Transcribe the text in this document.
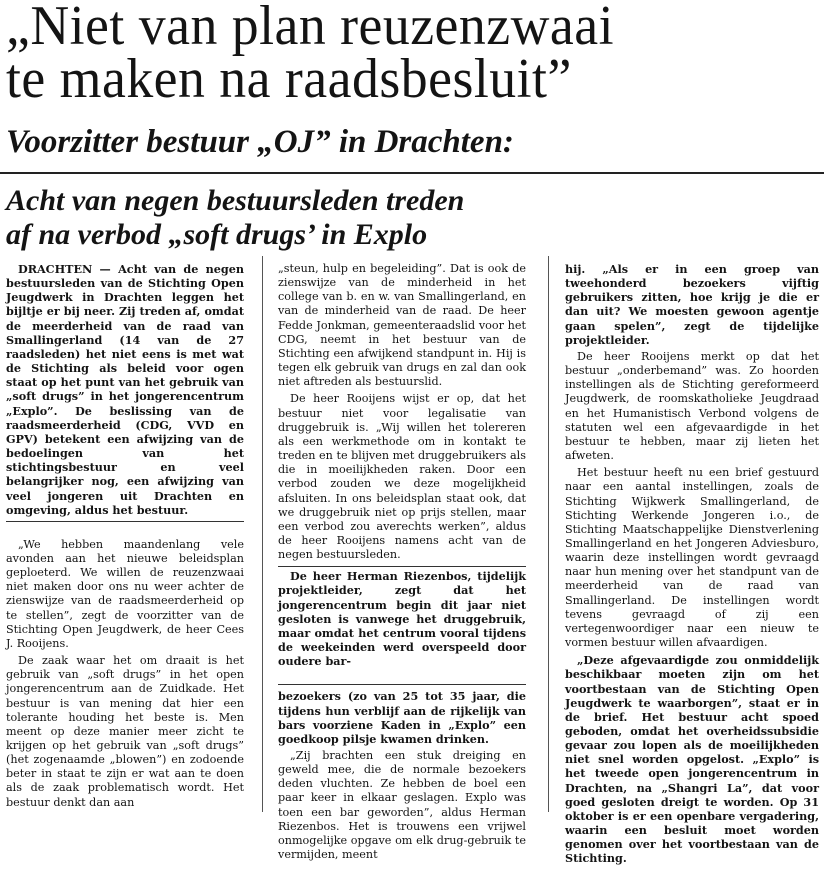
„Niet van plan reuzenzwaai
te maken na raadsbesluit”
Voorzitter bestuur „OJ” in Drachten:
Acht van negen bestuursleden treden
af na verbod „soft drugs’ in Explo

DRACHTEN — Acht van de negen bestuursleden van de Stichting Open Jeugdwerk in Drachten leggen het bijltje er bij neer. Zij treden af, omdat de meerderheid van de raad van Smallingerland (14 van de 27 raadsleden) het niet eens is met wat de Stichting als beleid voor ogen staat op het punt van het gebruik van „soft drugs” in het jongerencentrum „Explo”. De beslissing van de raadsmeerderheid (CDG, VVD en GPV) betekent een afwijzing van de bedoelingen van het stichtingsbestuur en veel belangrijker nog, een afwijzing van veel jongeren uit Drachten en omgeving, aldus het bestuur.

„We hebben maandenlang vele avonden aan het nieuwe beleidsplan geploeterd. We willen de reuzenzwaai niet maken door ons nu weer achter de zienswijze van de raadsmeerderheid op te stellen”, zegt de voorzitter van de Stichting Open Jeugdwerk, de heer Cees J. Rooijens.

De zaak waar het om draait is het gebruik van „soft drugs” in het open jongerencentrum aan de Zuidkade. Het bestuur is van mening dat hier een tolerante houding het beste is. Men meent op deze manier meer zicht te krijgen op het gebruik van „soft drugs” (het zogenaamde „blowen”) en zodoende beter in staat te zijn er wat aan te doen als de zaak problematisch wordt. Het bestuur denkt dan aan

„steun, hulp en begeleiding”. Dat is ook de zienswijze van de minderheid in het college van b. en w. van Smallingerland, en van de minderheid van de raad. De heer Fedde Jonkman, gemeenteraadslid voor het CDG, neemt in het bestuur van de Stichting een afwijkend standpunt in. Hij is tegen elk gebruik van drugs en zal dan ook niet aftreden als bestuurslid.

De heer Rooijens wijst er op, dat het bestuur niet voor legalisatie van druggebruik is. „Wij willen het tolereren als een werkmethode om in kontakt te treden en te blijven met druggebruikers als die in moeilijkheden raken. Door een verbod zouden we deze mogelijkheid afsluiten. In ons beleidsplan staat ook, dat we druggebruik niet op prijs stellen, maar een verbod zou averechts werken”, aldus de heer Rooijens namens acht van de negen bestuursleden.

De heer Herman Riezenbos, tijdelijk projektleider, zegt dat het jongerencentrum begin dit jaar niet gesloten is vanwege het druggebruik, maar omdat het centrum vooral tijdens de weekeinden werd overspeeld door oudere bar-

bezoekers (zo van 25 tot 35 jaar, die tijdens hun verblijf aan de rijkelijk van bars voorziene Kaden in „Explo” een goedkoop pilsje kwamen drinken.

„Zij brachten een stuk dreiging en geweld mee, die de normale bezoekers deden vluchten. Ze hebben de boel een paar keer in elkaar geslagen. Explo was toen een bar geworden”, aldus Herman Riezenbos. Het is trouwens een vrijwel onmogelijke opgave om elk drug-gebruik te vermijden, meent

hij. „Als er in een groep van tweehonderd bezoekers vijftig gebruikers zitten, hoe krijg je die er dan uit? We moesten gewoon agentje gaan spelen”, zegt de tijdelijke projektleider.

De heer Rooijens merkt op dat het bestuur „onderbemand” was. Zo hoorden instellingen als de Stichting gereformeerd Jeugdwerk, de roomskatholieke Jeugdraad en het Humanistisch Verbond volgens de statuten wel een afgevaardigde in het bestuur te hebben, maar zij lieten het afweten.

Het bestuur heeft nu een brief gestuurd naar een aantal instellingen, zoals de Stichting Wijkwerk Smallingerland, de Stichting Werkende Jongeren i.o., de Stichting Maatschappelijke Dienstverlening Smallingerland en het Jongeren Adviesburo, waarin deze instellingen wordt gevraagd naar hun mening over het standpunt van de meerderheid van de raad van Smallingerland. De instellingen wordt tevens gevraagd of zij een vertegenwoordiger naar een nieuw te vormen bestuur willen afvaardigen.

„Deze afgevaardigde zou onmiddelijk beschikbaar moeten zijn om het voortbestaan van de Stichting Open Jeugdwerk te waarborgen”, staat er in de brief. Het bestuur acht spoed geboden, omdat het overheidssubsidie gevaar zou lopen als de moeilijkheden niet snel worden opgelost. „Explo” is het tweede open jongerencentrum in Drachten, na „Shangri La”, dat voor goed gesloten dreigt te worden. Op 31 oktober is er een openbare vergadering, waarin een besluit moet worden genomen over het voortbestaan van de Stichting.
